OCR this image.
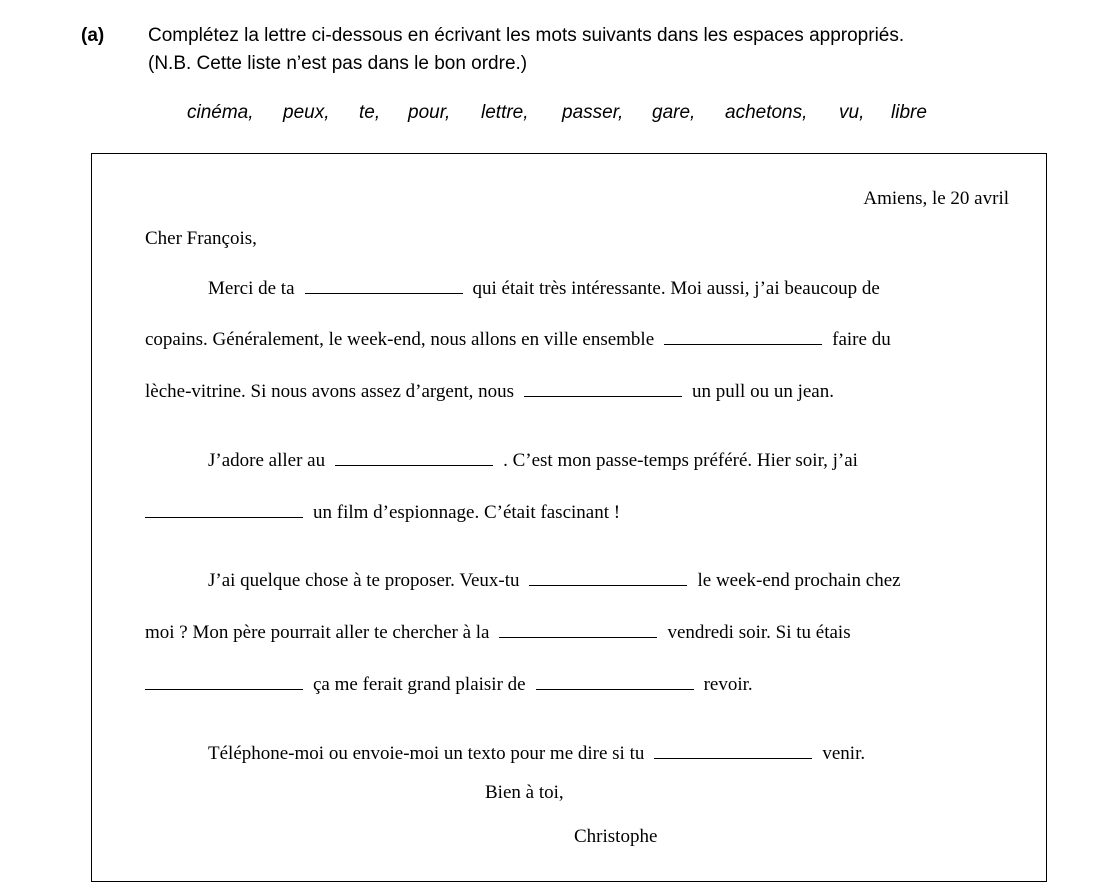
(a) Complétez la lettre ci-dessous en écrivant les mots suivants dans les espaces appropriés.
(N.B. Cette liste n’est pas dans le bon ordre.)
cinéma, peux, te, pour, lettre, passer, gare, achetons, vu, libre
Amiens, le 20 avril
Cher François,
Merci de ta	qui était très intéressante. Moi aussi, j’ai beaucoup de
copains. Généralement, le week-end, nous allons en ville ensemble	faire du
lèche-vitrine. Si nous avons assez d’argent, nous	un pull ou un jean.
J’adore aller au	. C’est mon passe-temps préféré. Hier soir, j’ai
un film d’espionnage. C’était fascinant !
J’ai quelque chose à te proposer. Veux-tu	le week-end prochain chez
moi ? Mon père pourrait aller te chercher à la	vendredi soir. Si tu étais
ça me ferait grand plaisir de	revoir.
Téléphone-moi ou envoie-moi un texto pour me dire si tu	venir.
Bien à toi,
Christophe
